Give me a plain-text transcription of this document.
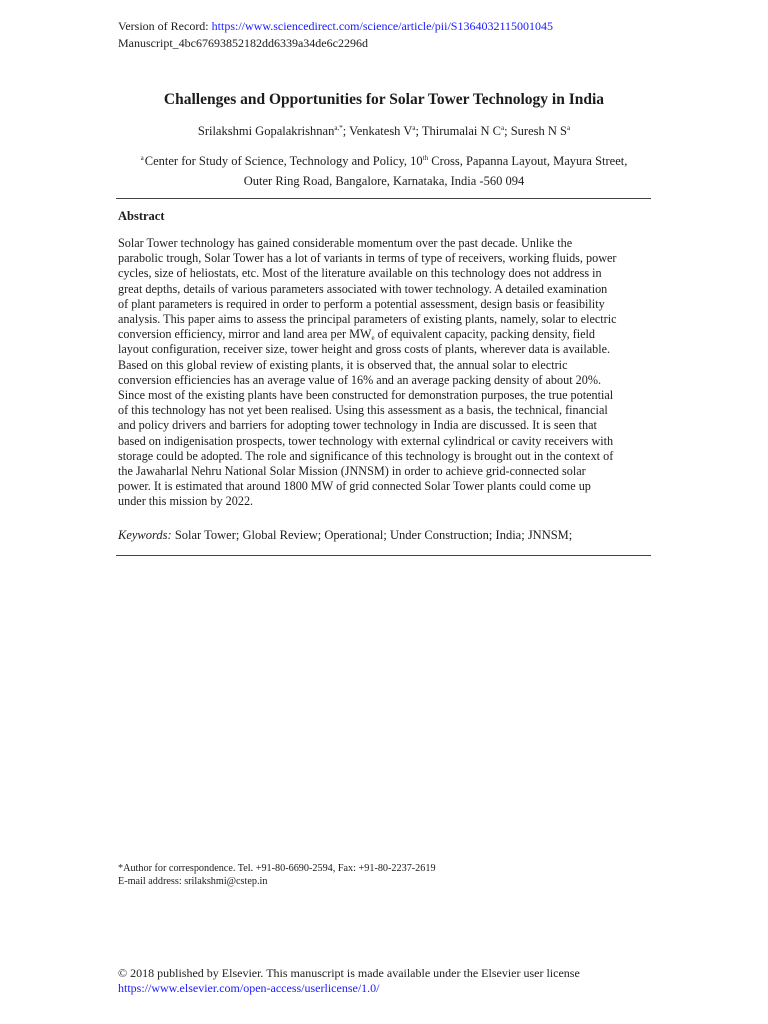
Version of Record: https://www.sciencedirect.com/science/article/pii/S1364032115001045
Manuscript_4bc67693852182dd6339a34de6c2296d
Challenges and Opportunities for Solar Tower Technology in India
Srilakshmi Gopalakrishnan$^{a,*}$; Venkatesh $V^a$; Thirumalai N $C^a$; Suresh N $S^a$
$^a$ Center for Study of Science, Technology and Policy, 10th Cross, Papanna Layout, Mayura Street,
Outer Ring Road, Bangalore, Karnataka, India -560 094
Abstract
Solar Tower technology has gained considerable momentum over the past decade. Unlike the
parabolic trough, Solar Tower has a lot of variants in terms of type of receivers, working fluids, power
cycles, size of heliostats, etc. Most of the literature available on this technology does not address in
great depths, details of various parameters associated with tower technology. A detailed examination
of plant parameters is required in order to perform a potential assessment, design basis or feasibility
analysis. This paper aims to assess the principal parameters of existing plants, namely, solar to electric
conversion efficiency, mirror and land area per $MW_e$ of equivalent capacity, packing density, field
layout configuration, receiver size, tower height and gross costs of plants, wherever data is available.
Based on this global review of existing plants, it is observed that, the annual solar to electric
conversion efficiencies has an average value of 16% and an average packing density of about 20%.
Since most of the existing plants have been constructed for demonstration purposes, the true potential
of this technology has not yet been realised. Using this assessment as a basis, the technical, financial
and policy drivers and barriers for adopting tower technology in India are discussed. It is seen that
based on indigenisation prospects, tower technology with external cylindrical or cavity receivers with
storage could be adopted. The role and significance of this technology is brought out in the context of
the Jawaharlal Nehru National Solar Mission (JNNSM) in order to achieve grid-connected solar
power. It is estimated that around 1800 MW of grid connected Solar Tower plants could come up
under this mission by 2022.
Keywords: Solar Tower; Global Review; Operational; Under Construction; India; JNNSM;
*Author for correspondence. Tel. +91-80-6690-2594, Fax: +91-80-2237-2619
E-mail address: srilakshmi@cstep.in
© 2018 published by Elsevier. This manuscript is made available under the Elsevier user license
https://www.elsevier.com/open-access/userlicense/1.0/
